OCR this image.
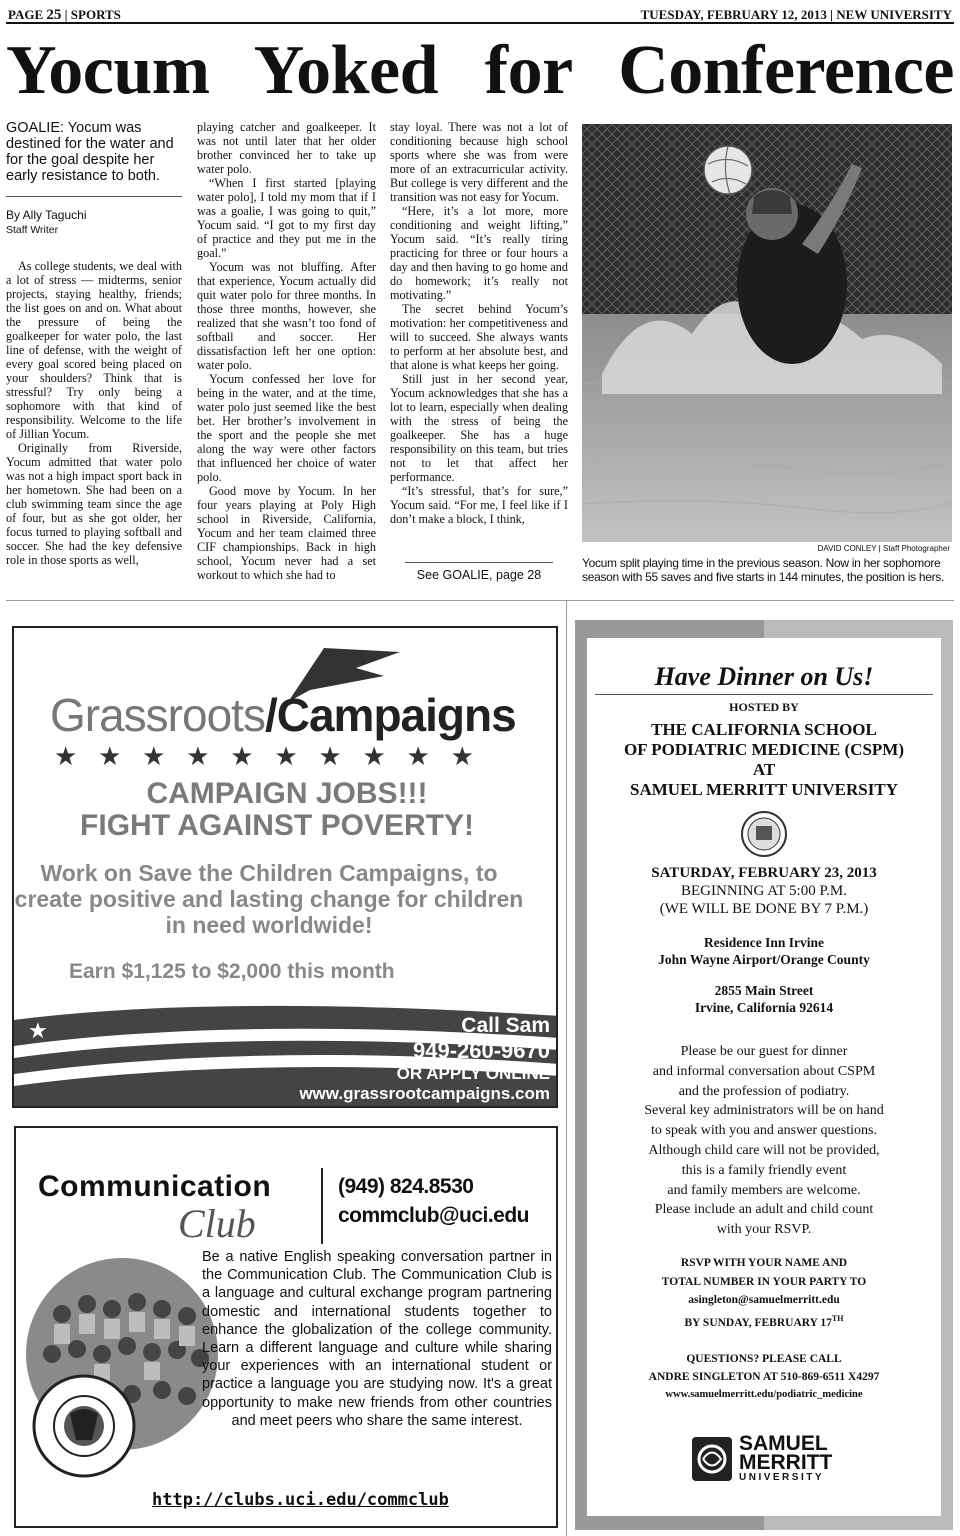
PAGE 25 | SPORTS	TUESDAY, FEBRUARY 12, 2013 | NEW UNIVERSITY
Yocum Yoked for Conference
GOALIE: Yocum was destined for the water and for the goal despite her early resistance to both.
By Ally Taguchi
Staff Writer

As college students, we deal with a lot of stress — midterms, senior projects, staying healthy, friends; the list goes on and on. What about the pressure of being the goalkeeper for water polo, the last line of defense, with the weight of every goal scored being placed on your shoulders? Think that is stressful? Try only being a sophomore with that kind of responsibility. Welcome to the life of Jillian Yocum.

Originally from Riverside, Yocum admitted that water polo was not a high impact sport back in her hometown. She had been on a club swimming team since the age of four, but as she got older, her focus turned to playing softball and soccer. She had the key defensive role in those sports as well,

playing catcher and goalkeeper. It was not until later that her older brother convinced her to take up water polo.

“When I first started [playing water polo], I told my mom that if I was a goalie, I was going to quit,” Yocum said. “I got to my first day of practice and they put me in the goal.”

Yocum was not bluffing. After that experience, Yocum actually did quit water polo for three months. In those three months, however, she realized that she wasn’t too fond of softball and soccer. Her dissatisfaction left her one option: water polo.

Yocum confessed her love for being in the water, and at the time, water polo just seemed like the best bet. Her brother’s involvement in the sport and the people she met along the way were other factors that influenced her choice of water polo.

Good move by Yocum. In her four years playing at Poly High school in Riverside, California, Yocum and her team claimed three CIF championships. Back in high school, Yocum never had a set workout to which she had to

stay loyal. There was not a lot of conditioning because high school sports where she was from were more of an extracurricular activity. But college is very different and the transition was not easy for Yocum.

“Here, it’s a lot more, more conditioning and weight lifting,” Yocum said. “It’s really tiring practicing for three or four hours a day and then having to go home and do homework; it’s really not motivating.”

The secret behind Yocum’s motivation: her competitiveness and will to succeed. She always wants to perform at her absolute best, and that alone is what keeps her going.

Still just in her second year, Yocum acknowledges that she has a lot to learn, especially when dealing with the stress of being the goalkeeper. She has a huge responsibility on this team, but tries not to let that affect her performance.

“It’s stressful, that’s for sure,” Yocum said. “For me, I feel like if I don’t make a block, I think,

See GOALIE, page 28
DAVID CONLEY | Staff Photographer
Yocum split playing time in the previous season. Now in her sophomore season with 55 saves and five starts in 144 minutes, the position is hers.
Grassroots/Campaigns
★ ★ ★ ★ ★ ★ ★ ★ ★ ★
CAMPAIGN JOBS!!!
FIGHT AGAINST POVERTY!
Work on Save the Children Campaigns, to create positive and lasting change for children in need worldwide!
Earn $1,125 to $2,000 this month
★	Call Sam
949-260-9670
OR APPLY ONLINE
www.grassrootcampaigns.com
Communication
Club
(949) 824.8530
commclub@uci.edu
Be a native English speaking conversation partner in the Communication Club. The Communication Club is a language and cultural exchange program partnering domestic and international students together to enhance the globalization of the college community. Learn a different language and culture while sharing your experiences with an international student or practice a language you are studying now. It's a great opportunity to make new friends from other countries and meet peers who share the same interest.
http://clubs.uci.edu/commclub
Have Dinner on Us!
HOSTED BY
THE CALIFORNIA SCHOOL
OF PODIATRIC MEDICINE (CSPM)
AT
SAMUEL MERRITT UNIVERSITY
SATURDAY, FEBRUARY 23, 2013
BEGINNING AT 5:00 P.M.
(WE WILL BE DONE BY 7 P.M.)
Residence Inn Irvine
John Wayne Airport/Orange County
2855 Main Street
Irvine, California 92614
Please be our guest for dinner
and informal conversation about CSPM
and the profession of podiatry.
Several key administrators will be on hand
to speak with you and answer questions.
Although child care will not be provided,
this is a family friendly event
and family members are welcome.
Please include an adult and child count
with your RSVP.
RSVP WITH YOUR NAME AND
TOTAL NUMBER IN YOUR PARTY TO
asingleton@samuelmerritt.edu
BY SUNDAY, FEBRUARY 17TH
QUESTIONS? PLEASE CALL
ANDRE SINGLETON AT 510-869-6511 X4297
www.samuelmerritt.edu/podiatric_medicine
SAMUEL
MERRITT
UNIVERSITY
